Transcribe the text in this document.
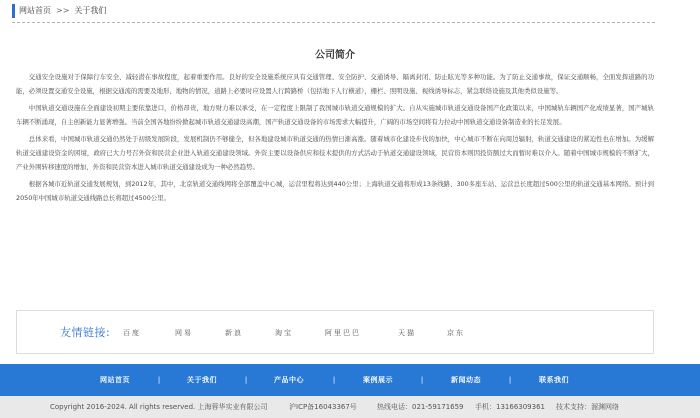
网站首页 >> 关于我们
公司简介

交通安全设施对于保障行车安全、减轻潜在事故程度，起着重要作用。良好的安全设施系统应具有交通管理、安全防护、交通诱导、隔离封闭、防止眩光等多种功能。为了防止交通事故，保证交通顺畅，全面发挥道路的功能，必须设置交通安全设施，根据交通流的需要及地形、地物的情况，道路上必要时应设置人行跨路桥（包括地下人行横道），栅栏、照明设施、视线诱导标志，紧急联络设施及其他类似设施等。

中国轨道交通设施在全面建设初期主要依靠进口，价格昂贵，地方财力难以承受，在一定程度上限制了我国城市轨道交通规模的扩大。自从实施城市轨道交通设备国产化政策以来，中国城轨车辆国产化成绩显著，国产城轨车辆不断涌现，自主创新能力显著增强。当前全国各地纷纷掀起城市轨道交通建设高潮，国产轨道交通设备的市场需求大幅提升，广阔的市场空间将有力拉动中国轨道交通设备制造业的长足发展。

总体来看，中国城市轨道交通仍然处于初级发展阶段，发展机制仍不够健全，但各地建设城市轨道交通的热情日渐高涨。随着城市化建设步伐的加快，中心城市不断在向周边辐射，轨道交通建设的紧迫性也在增加。为缓解轨道交通建设资金的困境，政府已大力号召外资和民营企业进入轨道交通建设领域。外资主要以设备供应和技术提供的方式活动于轨道交通建设领域，民营资本则因投资额过大而暂时难以介入。随着中国城市规模的不断扩大，产业外围转移速度的增加，外资和民营资本进入城市轨道交通建设成为一种必然趋势。

根据各城市近轨道交通发展规划，到2012年，其中，北京轨道交通线网将全部覆盖中心城，运营里程将达到440公里；上海轨道交通将形成13条线路、300多座车站、运营总长度超过500公里的轨道交通基本网络。预计到2050年中国城市轨道交通线路总长将超过4500公里。

友情链接: 百度	网易	新浪	淘宝	阿里巴巴	天猫	京东
网站首页	|	关于我们	|	产品中心	|	案例展示	|	新闻动态	|	联系我们
Copyright 2016-2024. All rights reserved. 上海蓉华实业有限公司	沪ICP备16043367号	热线电话：021-59171659 手机：13166309361 技术支持：溜渊网络
